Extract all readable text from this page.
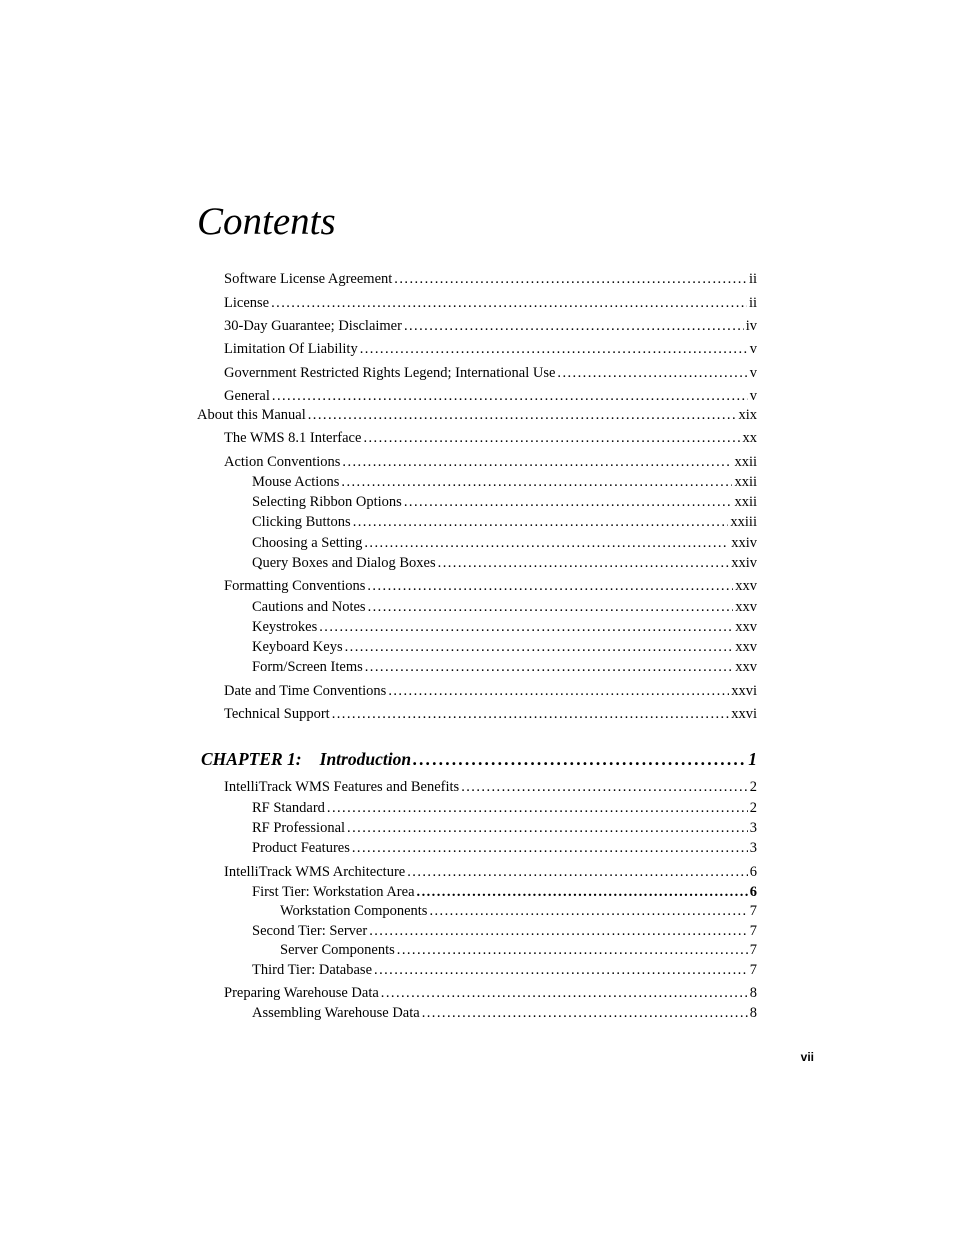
Contents
Software License Agreement . . .	ii
License . . .	ii
30-Day Guarantee; Disclaimer . . .	iv
Limitation Of Liability . . .	v
Government Restricted Rights Legend; International Use . . .	v
General . . .	v
About this Manual . . .	xix
The WMS 8.1 Interface . . .	xx
Action Conventions . . .	xxii
Mouse Actions . . .	xxii
Selecting Ribbon Options . . .	xxii
Clicking Buttons . . .	xxiii
Choosing a Setting . . .	xxiv
Query Boxes and Dialog Boxes . . .	xxiv
Formatting Conventions . . .	xxv
Cautions and Notes . . .	xxv
Keystrokes . . .	xxv
Keyboard Keys . . .	xxv
Form/Screen Items . . .	xxv
Date and Time Conventions . . .	xxvi
Technical Support . . .	xxvi
CHAPTER 1: Introduction . . .	1
IntelliTrack WMS Features and Benefits . . .	2
RF Standard . . .	2
RF Professional . . .	3
Product Features . . .	3
IntelliTrack WMS Architecture . . .	6
First Tier: Workstation Area . . .	6
Workstation Components . . .	7
Second Tier: Server . . .	7
Server Components . . .	7
Third Tier: Database . . .	7
Preparing Warehouse Data . . .	8
Assembling Warehouse Data . . .	8
vii
